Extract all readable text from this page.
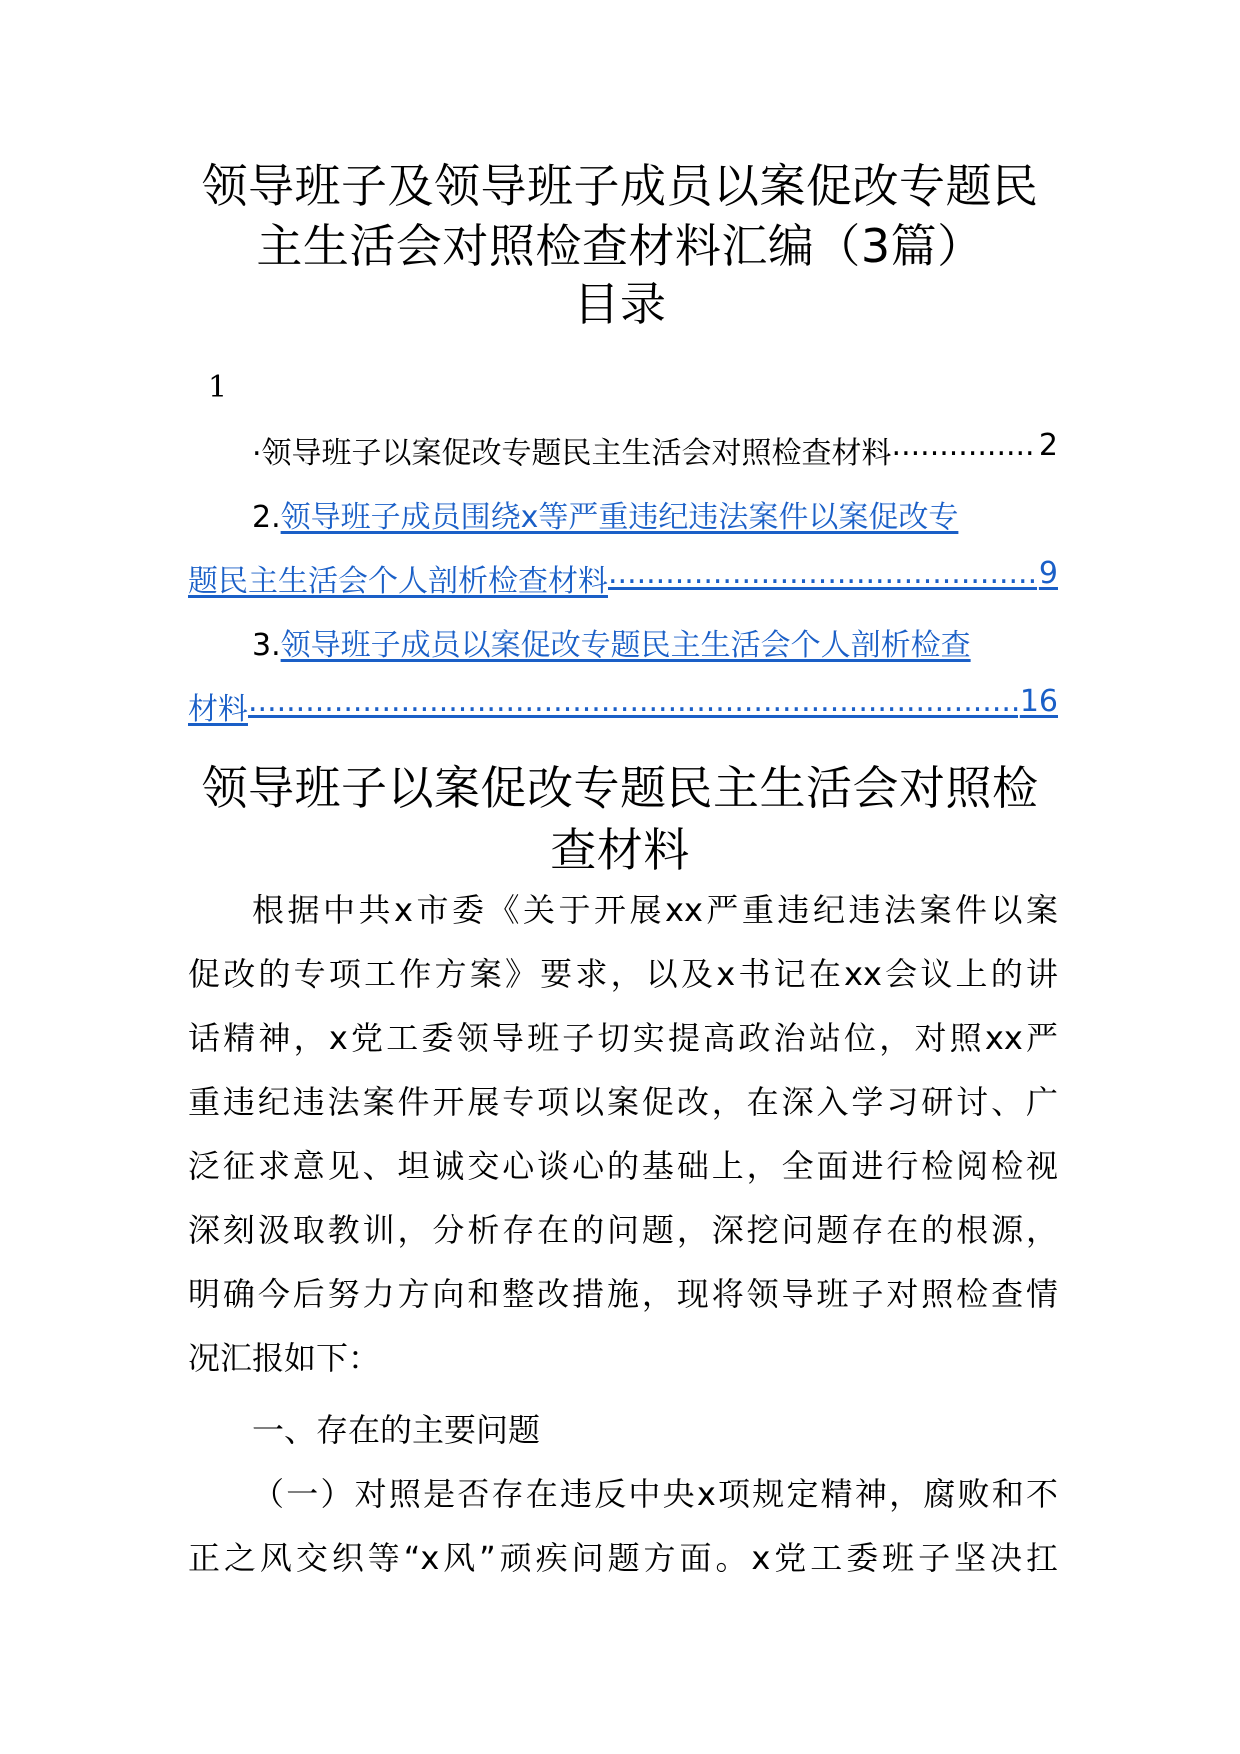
领导班子及领导班子成员以案促改专题民
主生活会对照检查材料汇编（3篇）
目录
1
. 领导班子以案促改专题民主生活会对照检查材料 .....	2
2.领导班子成员围绕x等严重违纪违法案件以案促改专
题民主生活会个人剖析检查材料 .....	9
3.领导班子成员以案促改专题民主生活会个人剖析检查
材料 .....	16
领导班子以案促改专题民主生活会对照检
查材料
根据中共x市委《关于开展xx严重违纪违法案件以案
促改的专项工作方案》要求，以及x书记在xx会议上的讲
话精神，x党工委领导班子切实提高政治站位，对照xx严
重违纪违法案件开展专项以案促改，在深入学习研讨、广
泛征求意见、坦诚交心谈心的基础上，全面进行检阅检视
深刻汲取教训，分析存在的问题，深挖问题存在的根源，
明确今后努力方向和整改措施，现将领导班子对照检查情
况汇报如下：
一、存在的主要问题
（一）对照是否存在违反中央x项规定精神，腐败和不
正之风交织等“x风”顽疾问题方面。x党工委班子坚决扛
